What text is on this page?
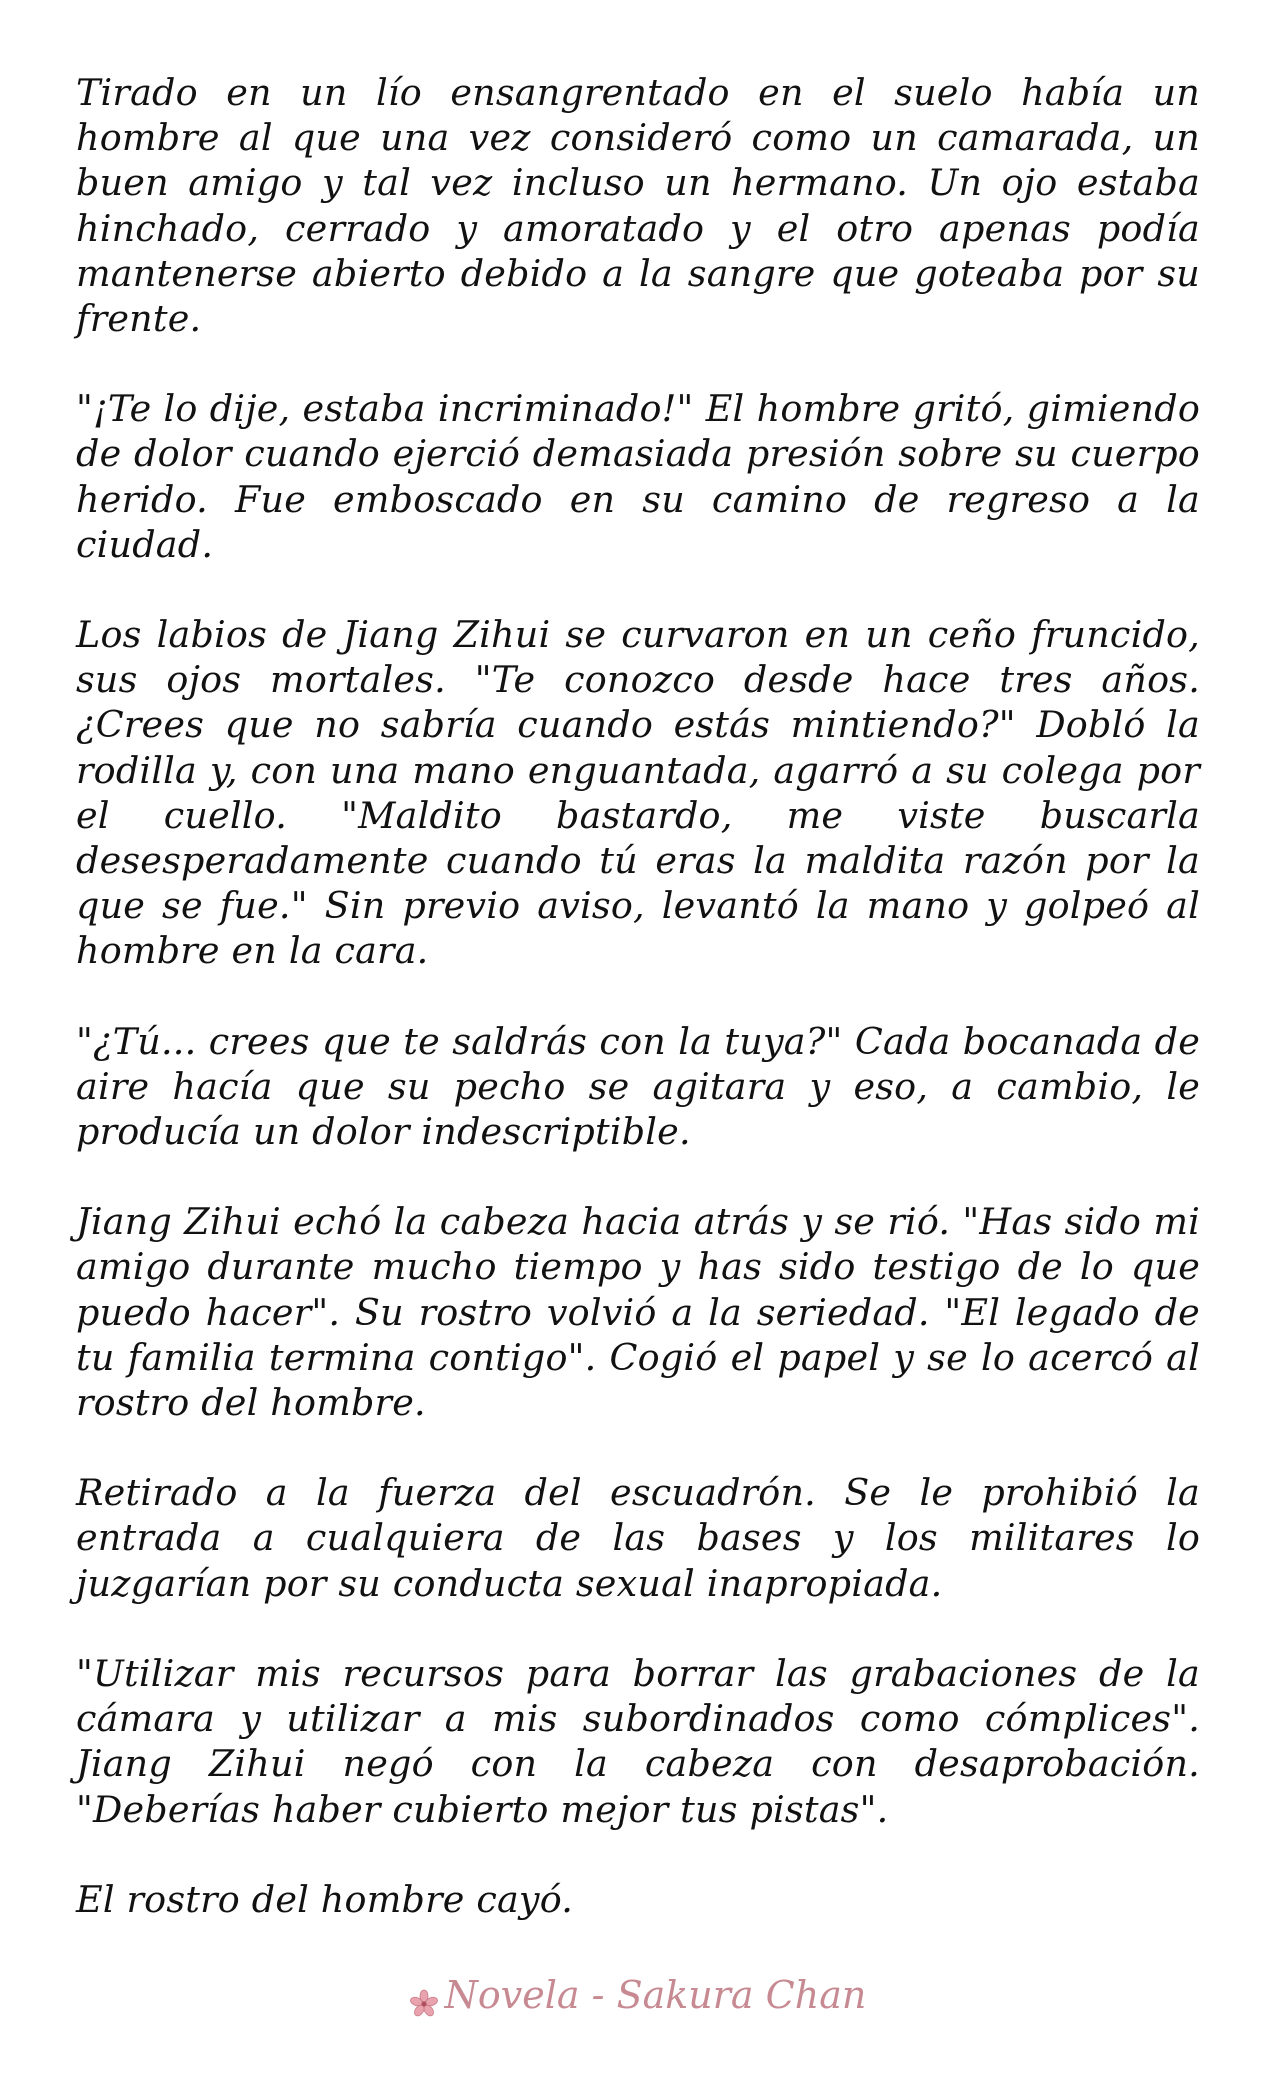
Tirado en un lío ensangrentado en el suelo había un hombre al que una vez consideró como un camarada, un buen amigo y tal vez incluso un hermano. Un ojo estaba hinchado, cerrado y amoratado y el otro apenas podía mantenerse abierto debido a la sangre que goteaba por su frente.

"¡Te lo dije, estaba incriminado!" El hombre gritó, gimiendo de dolor cuando ejerció demasiada presión sobre su cuerpo herido. Fue emboscado en su camino de regreso a la ciudad.

Los labios de Jiang Zihui se curvaron en un ceño fruncido, sus ojos mortales. "Te conozco desde hace tres años. ¿Crees que no sabría cuando estás mintiendo?" Dobló la rodilla y, con una mano enguantada, agarró a su colega por el cuello. "Maldito bastardo, me viste buscarla desesperadamente cuando tú eras la maldita razón por la que se fue." Sin previo aviso, levantó la mano y golpeó al hombre en la cara.

"¿Tú... crees que te saldrás con la tuya?" Cada bocanada de aire hacía que su pecho se agitara y eso, a cambio, le producía un dolor indescriptible.

Jiang Zihui echó la cabeza hacia atrás y se rió. "Has sido mi amigo durante mucho tiempo y has sido testigo de lo que puedo hacer". Su rostro volvió a la seriedad. "El legado de tu familia termina contigo". Cogió el papel y se lo acercó al rostro del hombre.

Retirado a la fuerza del escuadrón. Se le prohibió la entrada a cualquiera de las bases y los militares lo juzgarían por su conducta sexual inapropiada.

"Utilizar mis recursos para borrar las grabaciones de la cámara y utilizar a mis subordinados como cómplices". Jiang Zihui negó con la cabeza con desaprobación. "Deberías haber cubierto mejor tus pistas".

El rostro del hombre cayó.

Novela - Sakura Chan
